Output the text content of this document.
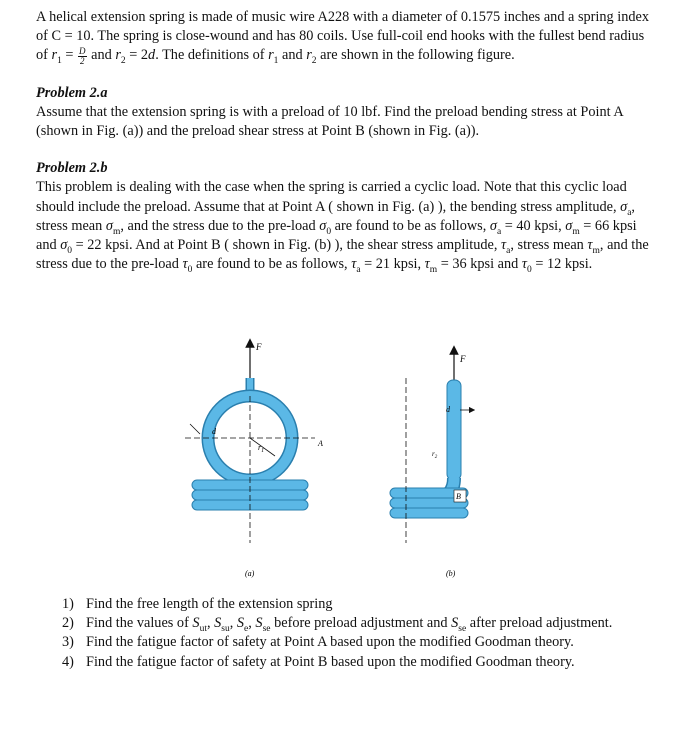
A helical extension spring is made of music wire A228 with a diameter of 0.1575 inches and a spring index of C = 10. The spring is close-wound and has 80 coils. Use full-coil end hooks with the fullest bend radius of $r_1 = \frac{D}{2}$ and $r_2 = 2d$. The definitions of $r_1$ and $r_2$ are shown in the following figure.

Problem 2.a

Assume that the extension spring is with a preload of 10 lbf. Find the preload bending stress at Point A (shown in Fig. (a)) and the preload shear stress at Point B (shown in Fig. (a)).

Problem 2.b

This problem is dealing with the case when the spring is carried a cyclic load. Note that this cyclic load should include the preload. Assume that at Point A ( shown in Fig. (a) ), the bending stress amplitude, $\sigma_a$, stress mean $\sigma_m$, and the stress due to the pre-load $\sigma_0$ are found to be as follows, $\sigma_a = 40$ kpsi, $\sigma_m = 66$ kpsi and $\sigma_0 = 22$ kpsi. And at Point B ( shown in Fig. (b) ), the shear stress amplitude, $\tau_a$, stress mean $\tau_m$, and the stress due to the pre-load $\tau_0$ are found to be as follows, $\tau_a = 21$ kpsi, $\tau_m = 36$ kpsi and $\tau_0 = 12$ kpsi.

F
d
$r_1$
A
(a)
F
d
$r_2$
B
(b)
1) Find the free length of the extension spring
2) Find the values of $S_{ut}$, $S_{su}$, $S_e$, $S_{se}$ before preload adjustment and $S_{se}$ after preload adjustment.
3) Find the fatigue factor of safety at Point A based upon the modified Goodman theory.
4) Find the fatigue factor of safety at Point B based upon the modified Goodman theory.
